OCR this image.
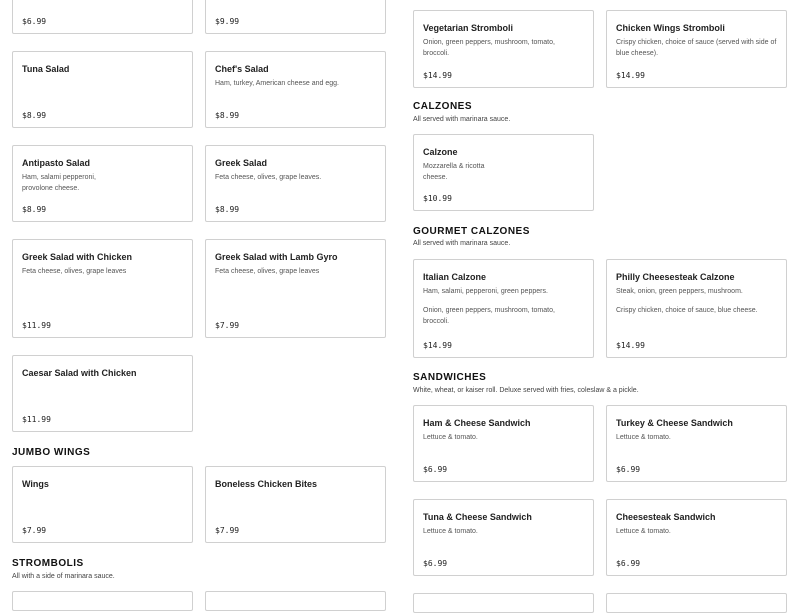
$6.99	$9.99
Tuna Salad
$8.99
Chef's Salad
Ham, turkey, American cheese and egg.
$8.99
Antipasto Salad
Ham, salami pepperoni, provolone cheese.
$8.99
Greek Salad
Feta cheese, olives, grape leaves.
$8.99
Greek Salad with Chicken
Feta cheese, olives, grape leaves
$11.99
Greek Salad with Lamb Gyro
Feta cheese, olives, grape leaves
$7.99
Caesar Salad with Chicken
$11.99
JUMBO WINGS
Wings
$7.99
Boneless Chicken Bites
$7.99
STROMBOLIS
All with a side of marinara sauce.
Vegetarian Stromboli
Onion, green peppers, mushroom, tomato, broccoli.
$14.99
Chicken Wings Stromboli
Crispy chicken, choice of sauce (served with side of blue cheese).
$14.99
CALZONES
All served with marinara sauce.
Calzone
Mozzarella & ricotta cheese.
$10.99
GOURMET CALZONES
All served with marinara sauce.
Italian Calzone
Ham, salami, pepperoni, green peppers.
Onion, green peppers, mushroom, tomato, broccoli.
$14.99
Philly Cheesesteak Calzone
Steak, onion, green peppers, mushroom.
Crispy chicken, choice of sauce, blue cheese.
$14.99
SANDWICHES
White, wheat, or kaiser roll. Deluxe served with fries, coleslaw & a pickle.
Ham & Cheese Sandwich
Lettuce & tomato.
$6.99
Turkey & Cheese Sandwich
Lettuce & tomato.
$6.99
Tuna & Cheese Sandwich
Lettuce & tomato.
$6.99
Cheesesteak Sandwich
Lettuce & tomato.
$6.99
